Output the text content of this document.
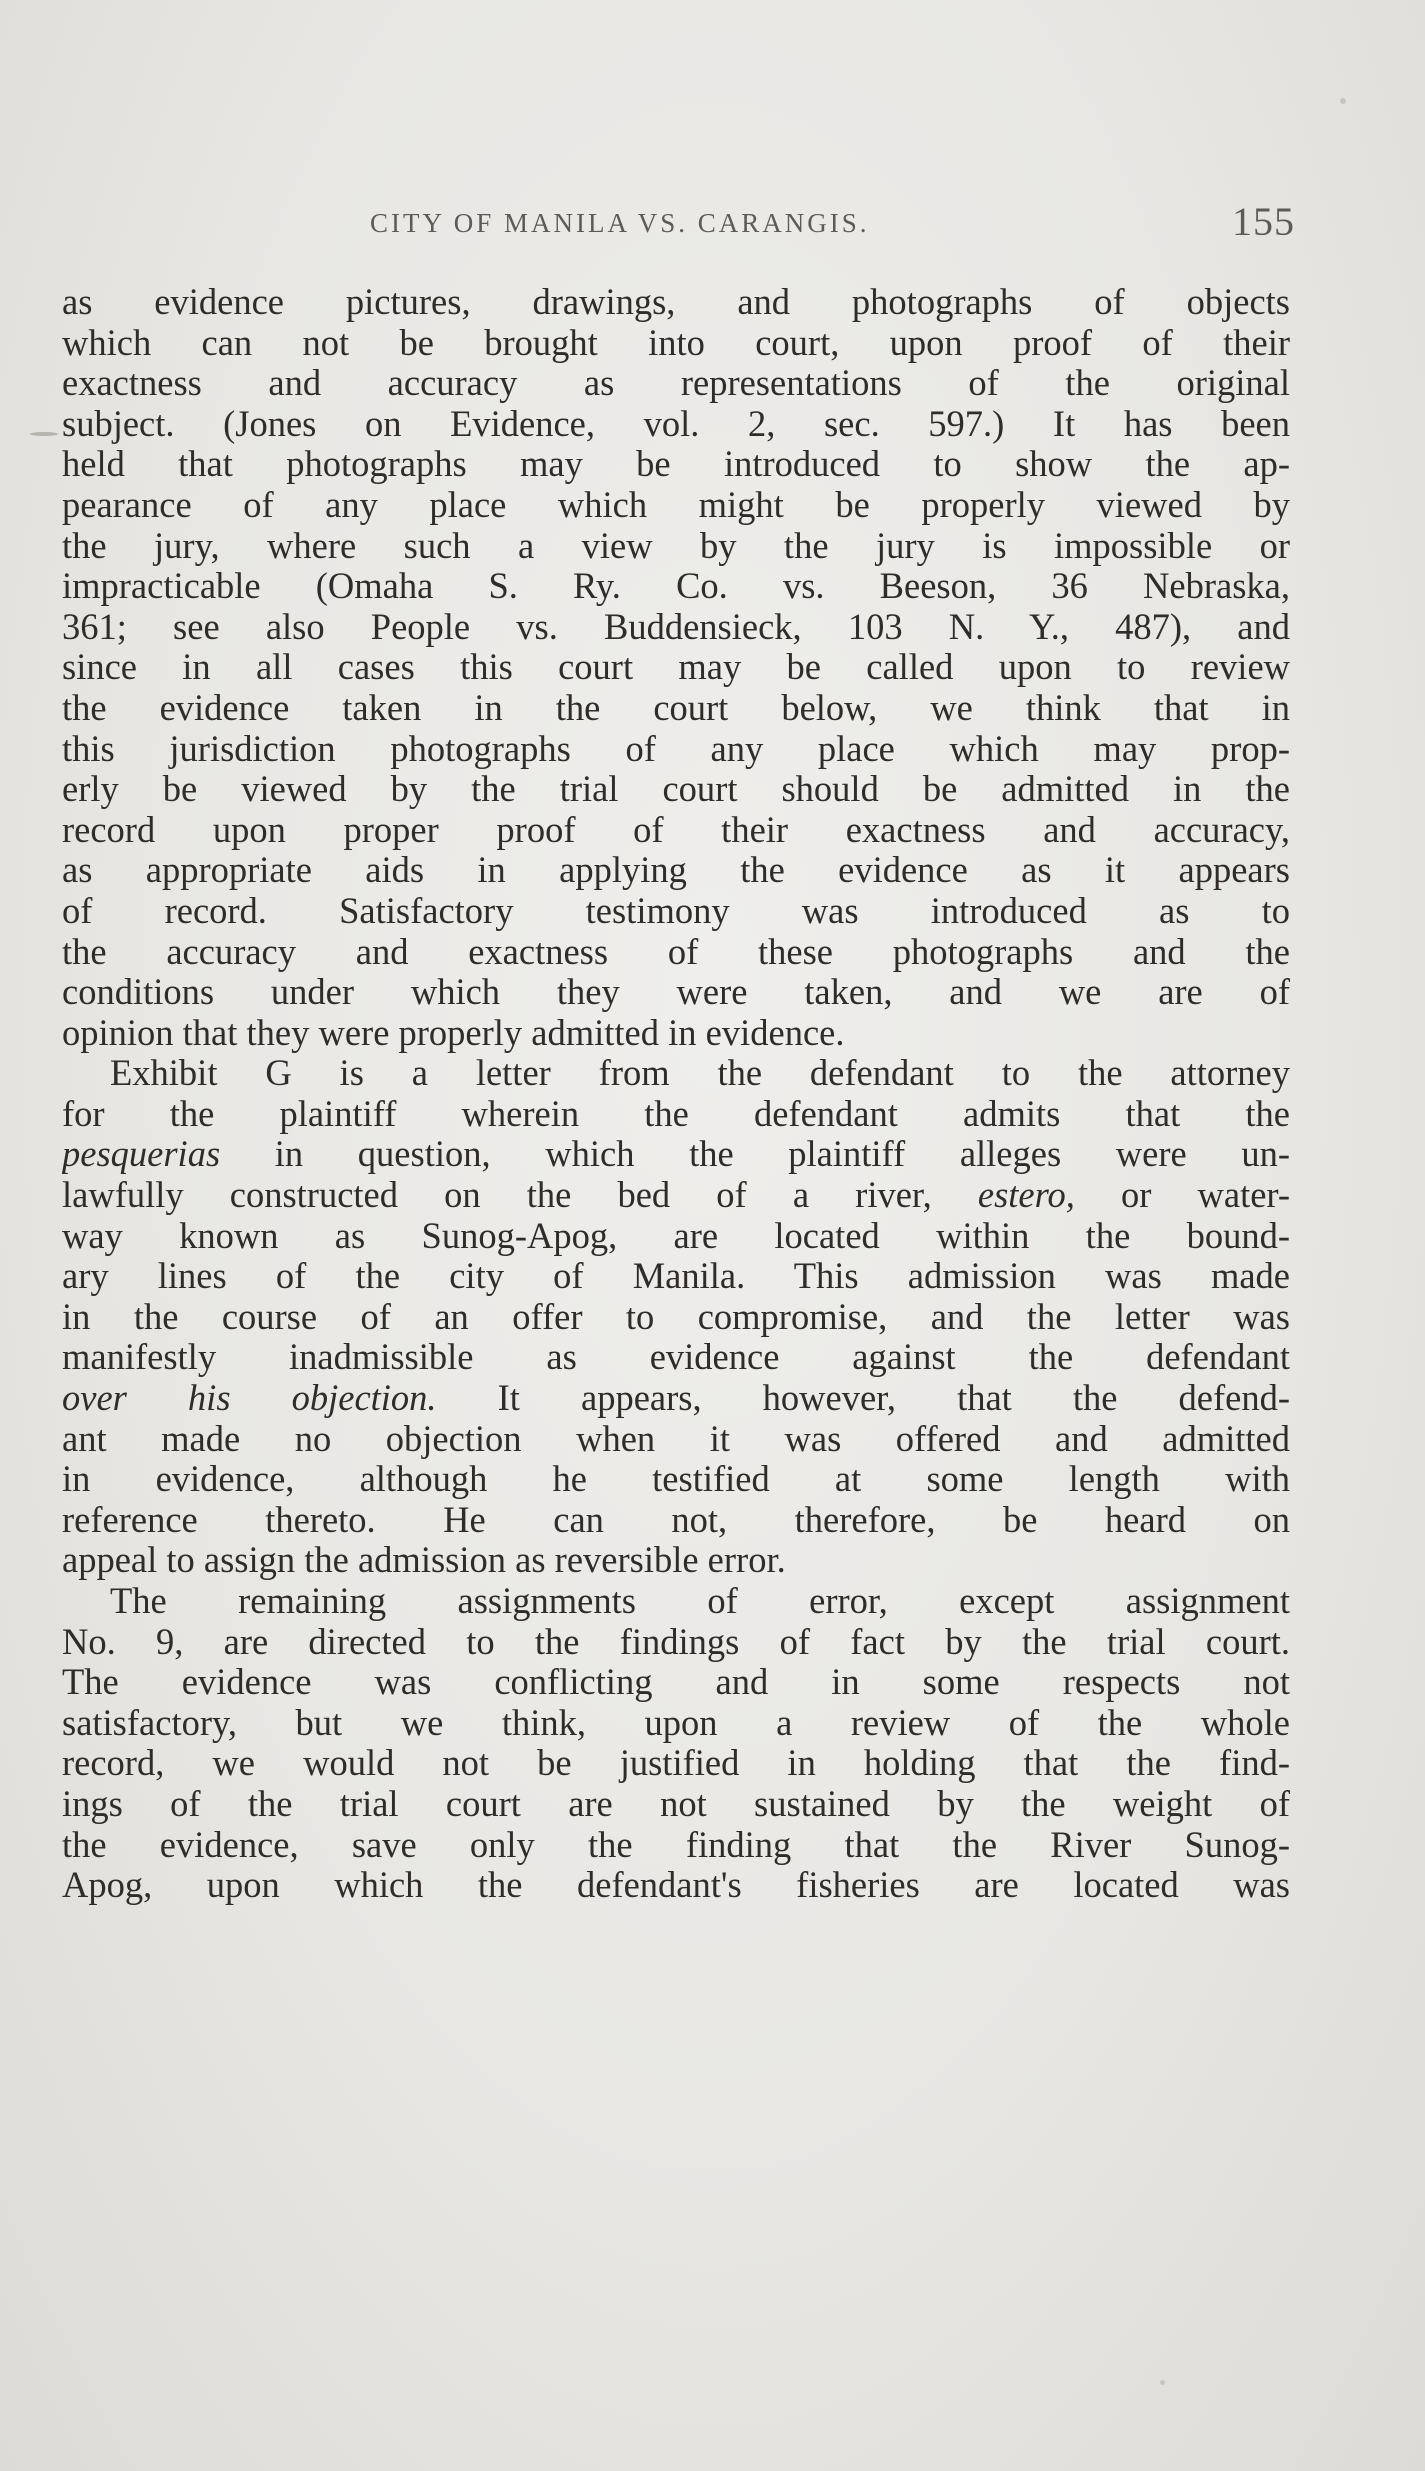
CITY OF MANILA VS. CARANGIS.	155
as evidence pictures, drawings, and photographs of objects
which can not be brought into court, upon proof of their
exactness and accuracy as representations of the original
subject. (Jones on Evidence, vol. 2, sec. 597.) It has been
held that photographs may be introduced to show the ap-
pearance of any place which might be properly viewed by
the jury, where such a view by the jury is impossible or
impracticable (Omaha S. Ry. Co. vs. Beeson, 36 Nebraska,
361; see also People vs. Buddensieck, 103 N. Y., 487), and
since in all cases this court may be called upon to review
the evidence taken in the court below, we think that in
this jurisdiction photographs of any place which may prop-
erly be viewed by the trial court should be admitted in the
record upon proper proof of their exactness and accuracy,
as appropriate aids in applying the evidence as it appears
of record. Satisfactory testimony was introduced as to
the accuracy and exactness of these photographs and the
conditions under which they were taken, and we are of
opinion that they were properly admitted in evidence.
Exhibit G is a letter from the defendant to the attorney
for the plaintiff wherein the defendant admits that the
pesquerias in question, which the plaintiff alleges were un-
lawfully constructed on the bed of a river, estero, or water-
way known as Sunog-Apog, are located within the bound-
ary lines of the city of Manila. This admission was made
in the course of an offer to compromise, and the letter was
manifestly inadmissible as evidence against the defendant
over his objection. It appears, however, that the defend-
ant made no objection when it was offered and admitted
in evidence, although he testified at some length with
reference thereto. He can not, therefore, be heard on
appeal to assign the admission as reversible error.
The remaining assignments of error, except assignment
No. 9, are directed to the findings of fact by the trial court.
The evidence was conflicting and in some respects not
satisfactory, but we think, upon a review of the whole
record, we would not be justified in holding that the find-
ings of the trial court are not sustained by the weight of
the evidence, save only the finding that the River Sunog-
Apog, upon which the defendant's fisheries are located was
